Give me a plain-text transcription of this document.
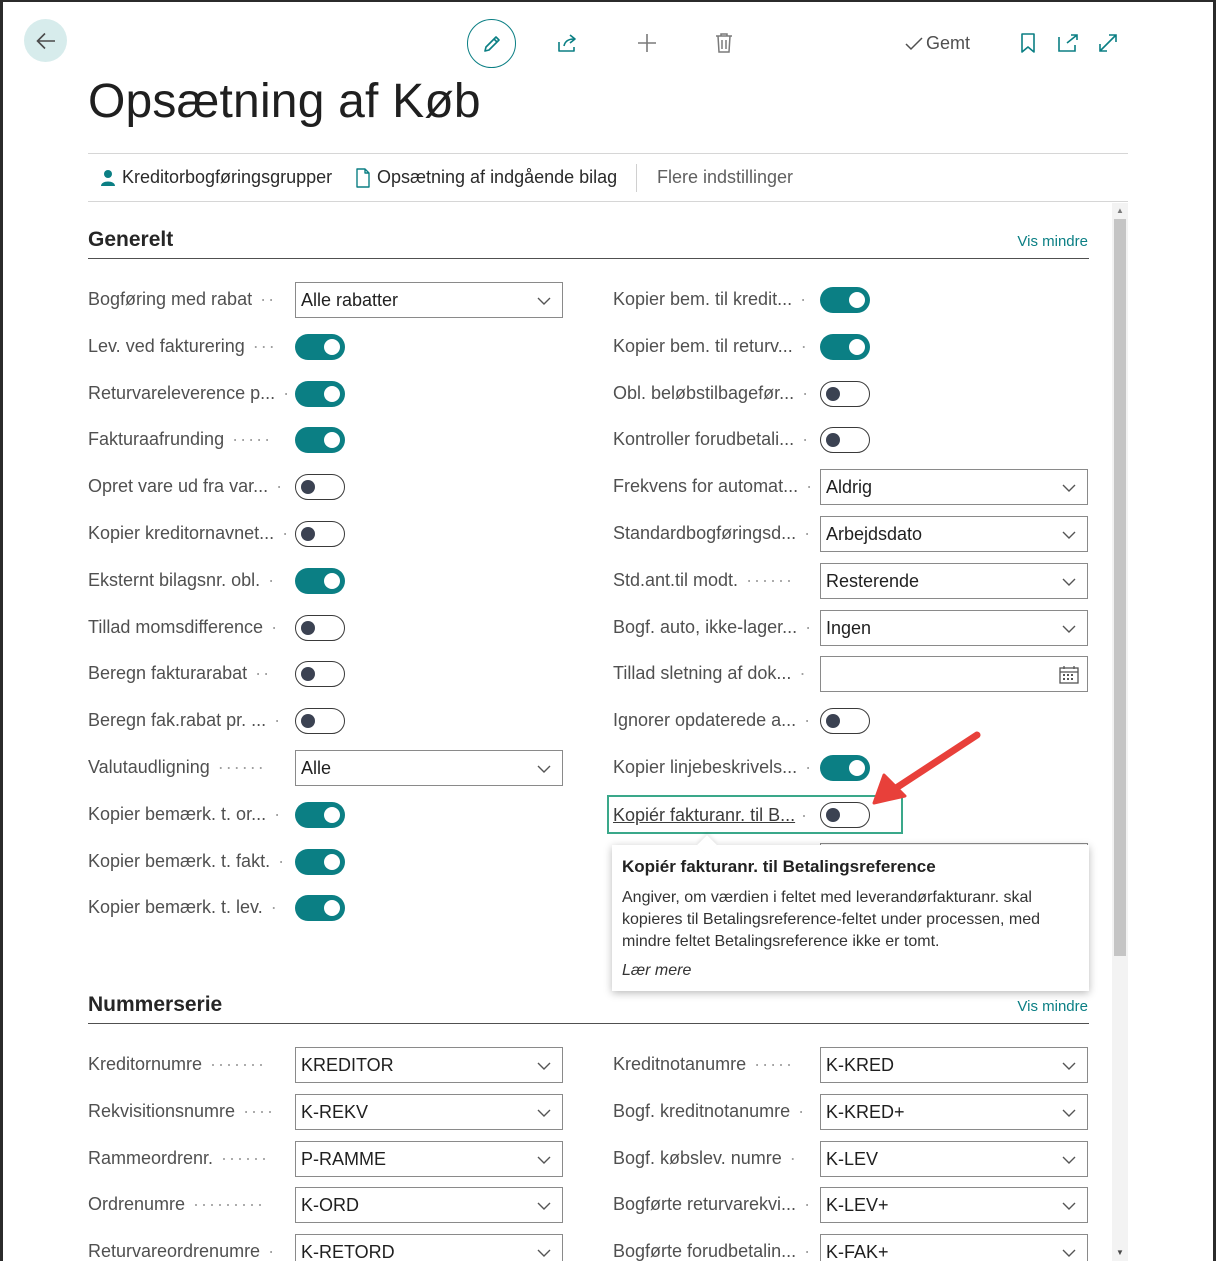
Gemt
Opsætning af Køb
Kreditorbogføringsgrupper Opsætning af indgående bilag Flere indstillinger
▲
▼
Generelt	Vis mindre
Bogføring med rabat ·· Alle rabatter
Lev. ved fakturering ···
Returvareleverence p... ·
Fakturaafrunding ·····
Opret vare ud fra var... ·
Kopier kreditornavnet... ·
Eksternt bilagsnr. obl. ·
Tillad momsdifference ·
Beregn fakturarabat ··
Beregn fak.rabat pr. ... ·
Valutaudligning ······ Alle
Kopier bemærk. t. or... ·
Kopier bemærk. t. fakt. ·
Kopier bemærk. t. lev. ·
Kopier bem. til kredit... ·
Kopier bem. til returv... ·
Obl. beløbstilbagefør... ·
Kontroller forudbetali... ·
Frekvens for automat... · Aldrig
Standardbogføringsd... · Arbejdsdato
Std.ant.til modt. ······ Resterende
Bogf. auto, ikke-lager... · Ingen
Tillad sletning af dok... ·
Ignorer opdaterede a... ·
Kopier linjebeskrivels... ·
Kopiér fakturanr. til B... ·
Kopiér fakturanr. til Betalingsreference
Angiver, om værdien i feltet med leverandørfakturanr. skal
kopieres til Betalingsreference-feltet under processen, med
mindre feltet Betalingsreference ikke er tomt.
Lær mere
Nummerserie	Vis mindre
Kreditornumre ······· KREDITOR
Rekvisitionsnumre ···· K-REKV
Rammeordrenr. ······ P-RAMME
Ordrenumre ········· K-ORD
Returvareordrenumre · K-RETORD
Kreditnotanumre ····· K-KRED
Bogf. kreditnotanumre · K-KRED+
Bogf. købslev. numre · K-LEV
Bogførte returvarekvi... · K-LEV+
Bogførte forudbetalin... · K-FAK+
